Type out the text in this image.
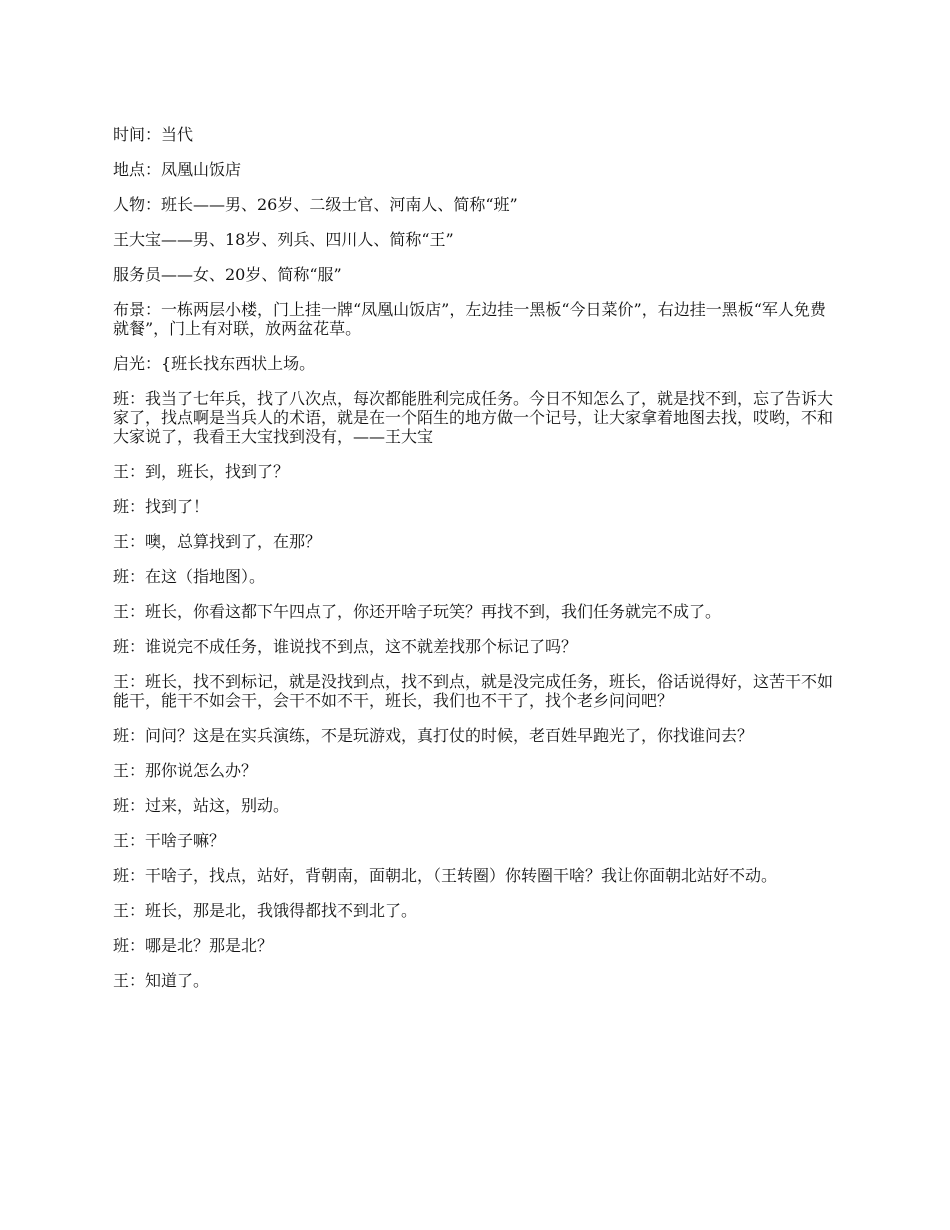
时间：当代

地点：凤凰山饭店

人物：班长——男、26岁、二级士官、河南人、简称“班”

王大宝——男、18岁、列兵、四川人、简称“王”

服务员——女、20岁、简称“服”

布景：一栋两层小楼，门上挂一牌“凤凰山饭店”，左边挂一黑板“今日菜价”，右边挂一黑板“军人免费就餐”，门上有对联，放两盆花草。

启光：{班长找东西状上场。

班：我当了七年兵，找了八次点，每次都能胜利完成任务。今日不知怎么了，就是找不到，忘了告诉大家了，找点啊是当兵人的术语，就是在一个陌生的地方做一个记号，让大家拿着地图去找，哎哟，不和大家说了，我看王大宝找到没有，——王大宝

王：到，班长，找到了？

班：找到了！

王：噢，总算找到了，在那？

班：在这（指地图）。

王：班长，你看这都下午四点了，你还开啥子玩笑？再找不到，我们任务就完不成了。

班：谁说完不成任务，谁说找不到点，这不就差找那个标记了吗？

王：班长，找不到标记，就是没找到点，找不到点，就是没完成任务，班长，俗话说得好，这苦干不如能干，能干不如会干，会干不如不干，班长，我们也不干了，找个老乡问问吧？

班：问问？这是在实兵演练，不是玩游戏，真打仗的时候，老百姓早跑光了，你找谁问去？

王：那你说怎么办？

班：过来，站这，别动。

王：干啥子嘛？

班：干啥子，找点，站好，背朝南，面朝北，（王转圈）你转圈干啥？我让你面朝北站好不动。

王：班长，那是北，我饿得都找不到北了。

班：哪是北？那是北？

王：知道了。
